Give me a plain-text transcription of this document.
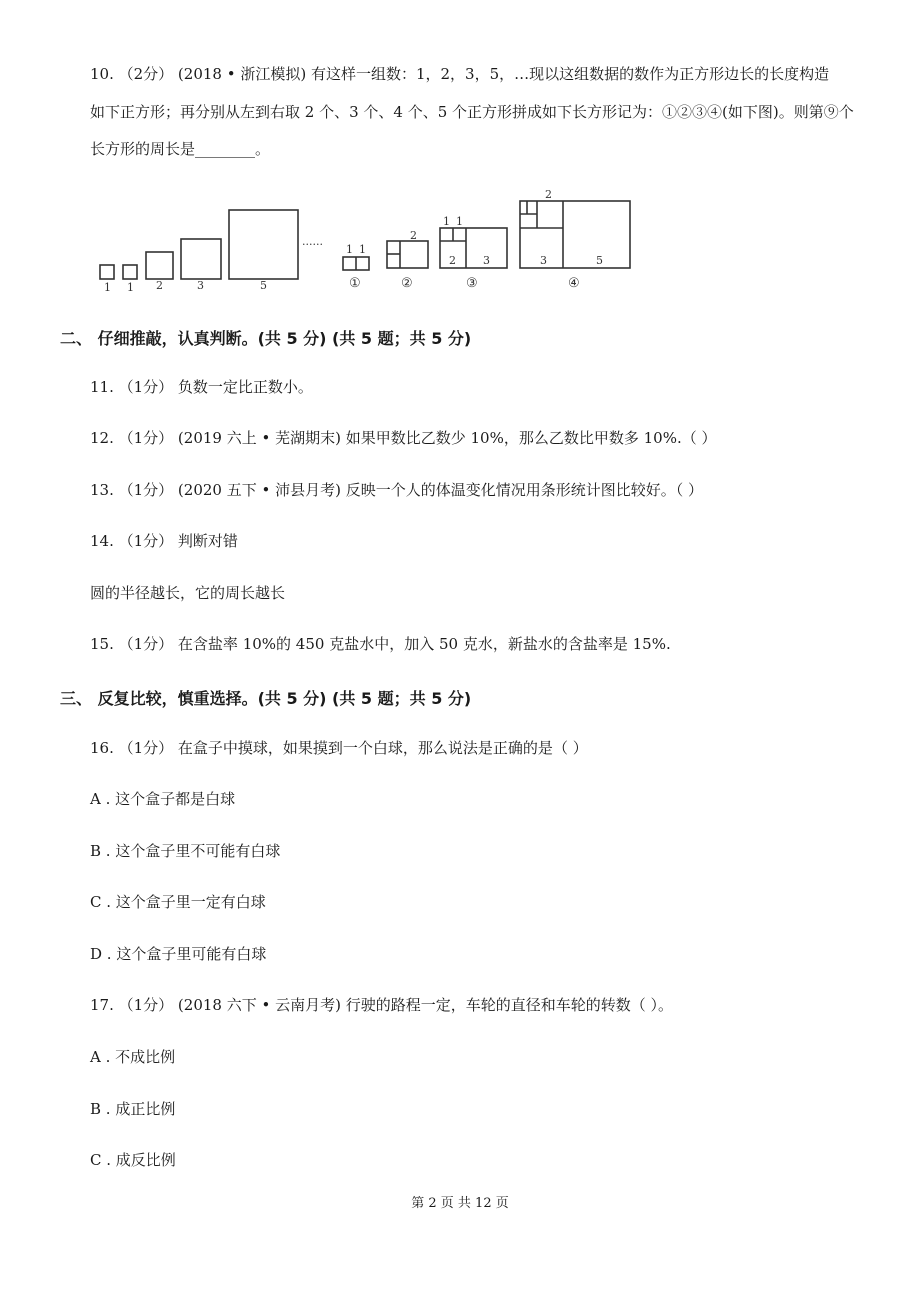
10. （2分） (2018 • 浙江模拟) 有这样一组数：1，2，3，5，…现以这组数据的数作为正方形边长的长度构造
如下正方形；再分别从左到右取 2 个、3 个、4 个、5 个正方形拼成如下长方形记为：①②③④(如下图)。则第⑨个
长方形的周长是________。
1 1 2	3	5
......
1 1
2
1 1
2 3
2
3	5
①	②	③	④
二、 仔细推敲，认真判断。(共 5 分) (共 5 题；共 5 分)
11. （1分） 负数一定比正数小。
12. （1分） (2019 六上 • 芜湖期末) 如果甲数比乙数少 10%，那么乙数比甲数多 10%.（ ）
13. （1分） (2020 五下 • 沛县月考) 反映一个人的体温变化情况用条形统计图比较好。（ ）
14. （1分） 判断对错
圆的半径越长，它的周长越长
15. （1分） 在含盐率 10%的 450 克盐水中，加入 50 克水，新盐水的含盐率是 15%.
三、 反复比较，慎重选择。(共 5 分) (共 5 题；共 5 分)
16. （1分） 在盒子中摸球，如果摸到一个白球，那么说法是正确的是（ ）
A . 这个盒子都是白球
B . 这个盒子里不可能有白球
C . 这个盒子里一定有白球
D . 这个盒子里可能有白球
17. （1分） (2018 六下 • 云南月考) 行驶的路程一定，车轮的直径和车轮的转数（ ）。
A . 不成比例
B . 成正比例
C . 成反比例
第 2 页 共 12 页
